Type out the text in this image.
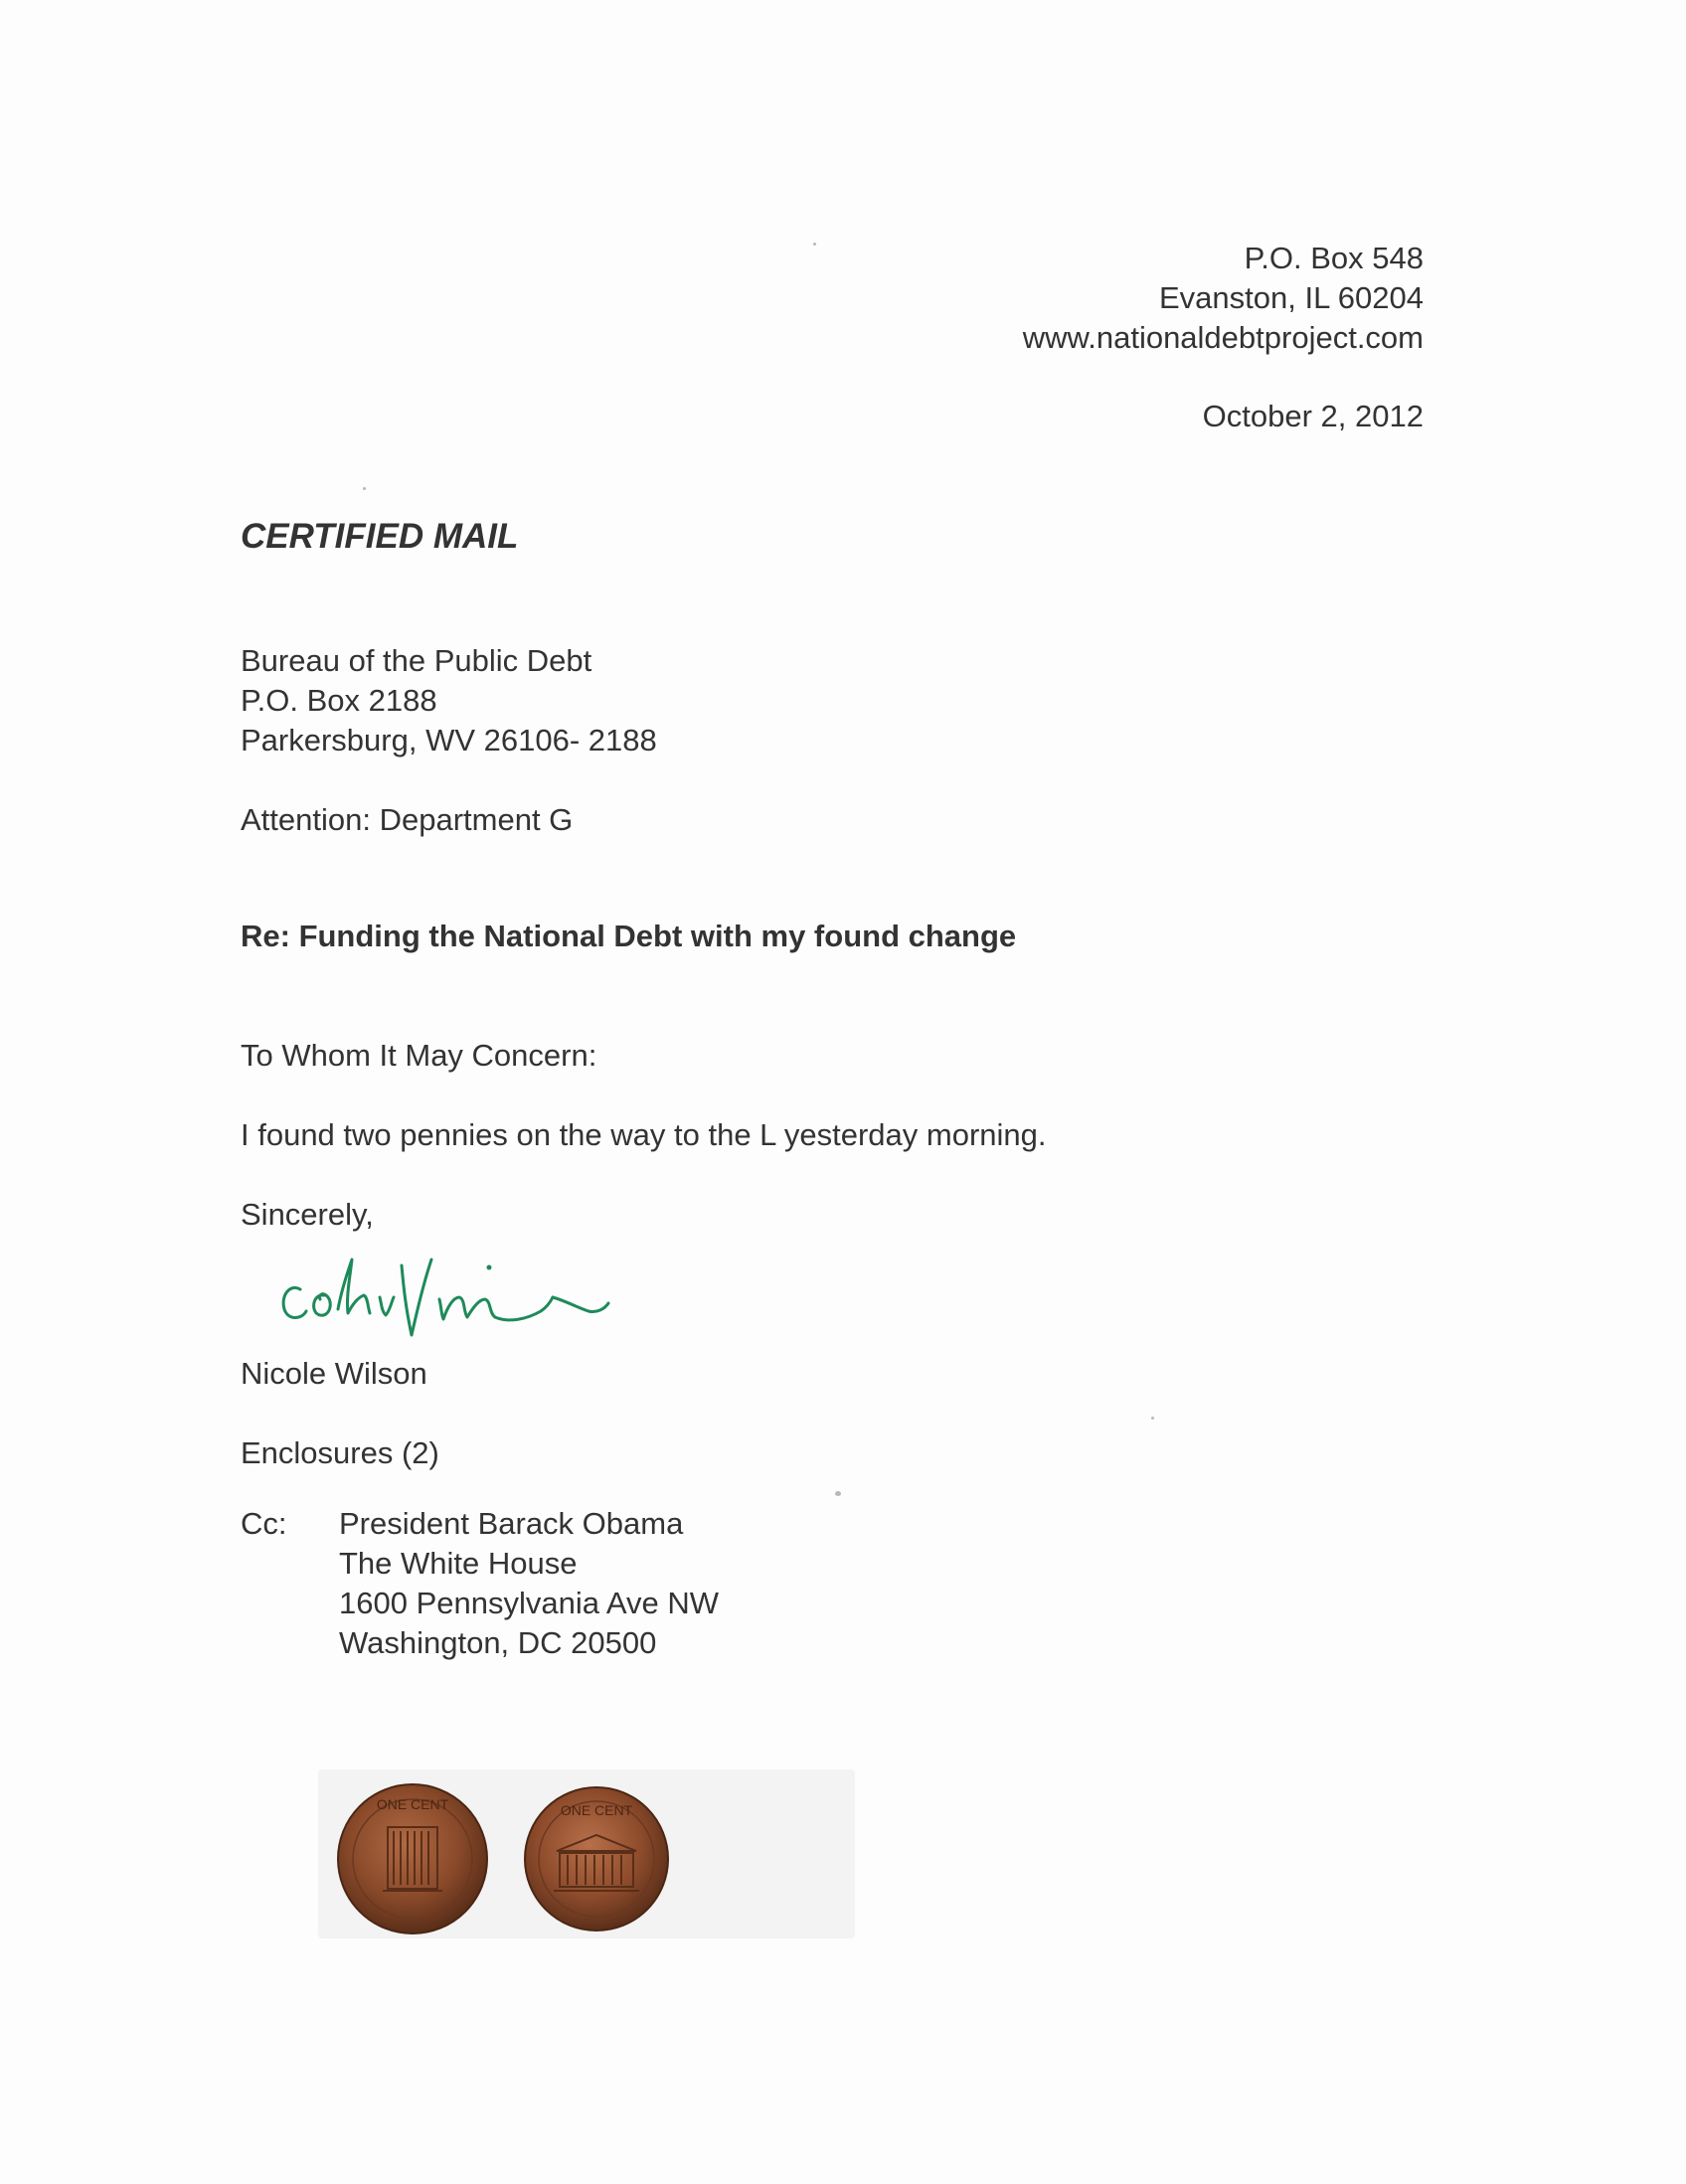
P.O. Box 548

Evanston, IL 60204

www.nationaldebtproject.com

October 2, 2012

CERTIFIED MAIL

Bureau of the Public Debt

P.O. Box 2188

Parkersburg, WV 26106- 2188

Attention: Department G

Re: Funding the National Debt with my found change

To Whom It May Concern:

I found two pennies on the way to the L yesterday morning.

Sincerely,

Nicole Wilson

Enclosures (2)

Cc: President Barack Obama
The White House
1600 Pennsylvania Ave NW
Washington, DC 20500
ONE CENT	ONE CENT
